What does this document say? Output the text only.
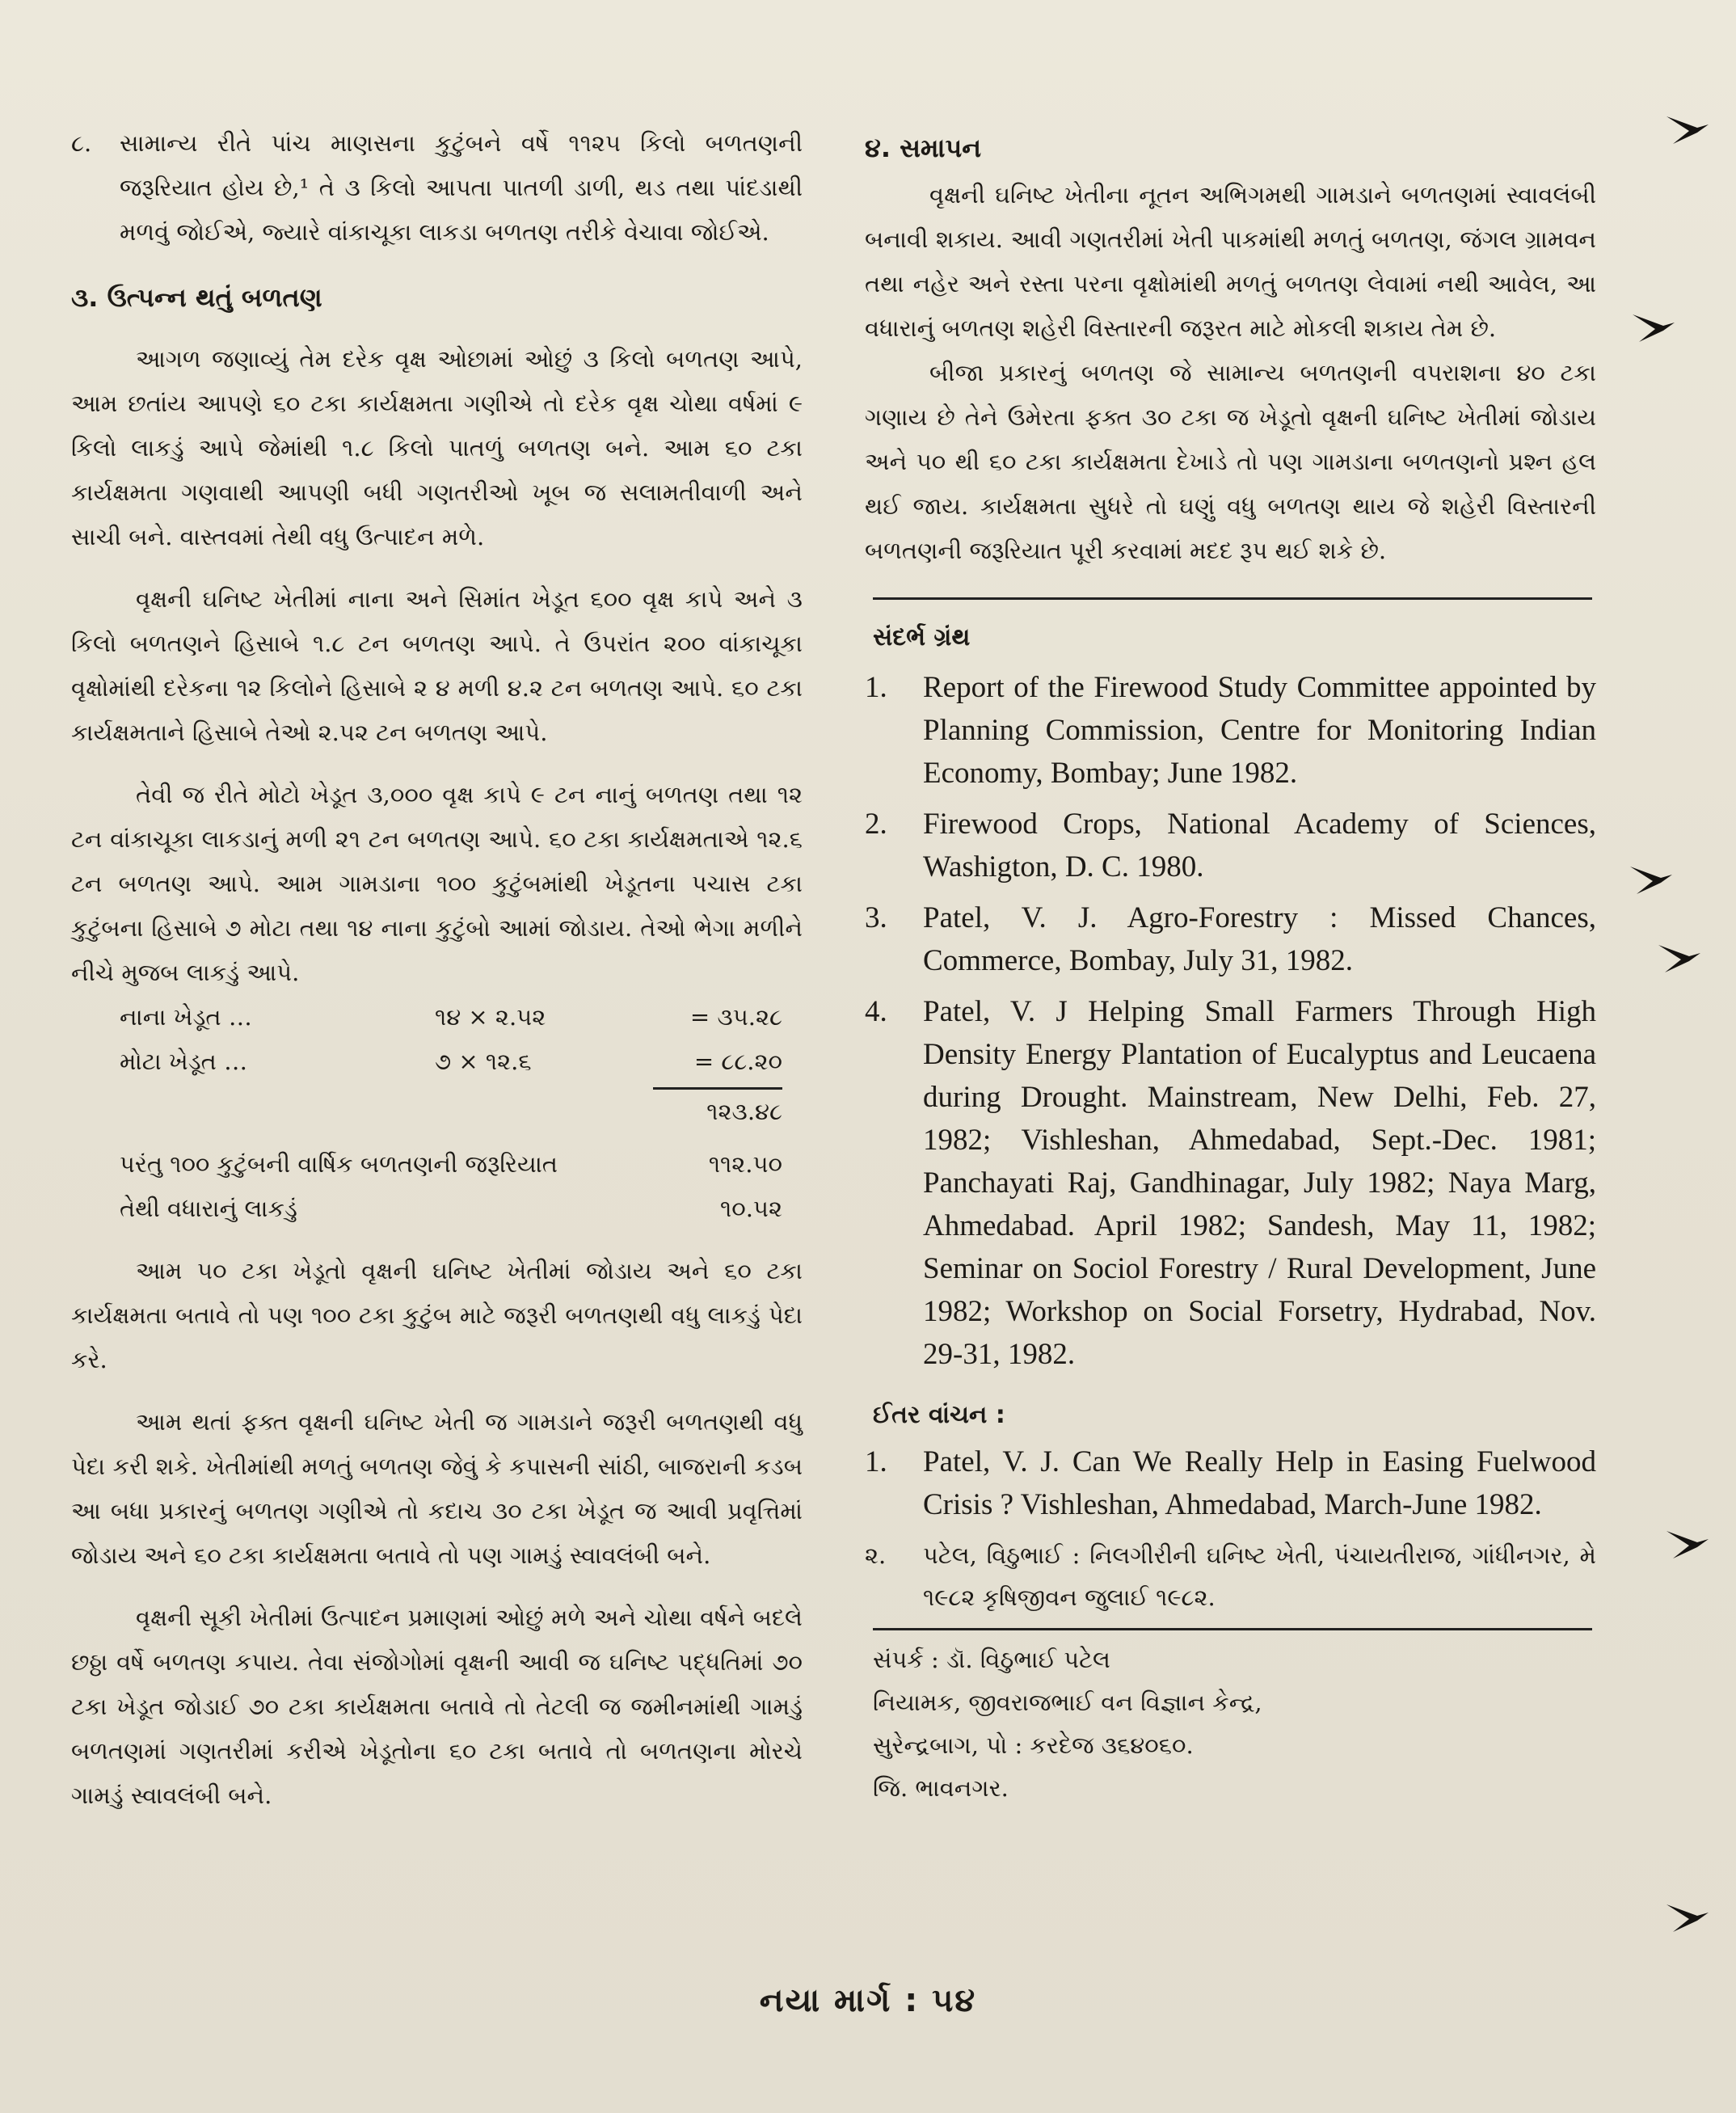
૮. સામાન્ય રીતે પાંચ માણસના કુટુંબને વર્ષે ૧૧૨૫ કિલો બળતણની જરૂરિયાત હોય છે,¹ તે ૩ કિલો આપતા પાતળી ડાળી, થડ તથા પાંદડાથી મળવું જોઈએ, જ્યારે વાંકાચૂકા લાકડા બળતણ તરીકે વેચાવા જોઈએ.

૩. ઉત્પન્ન થતું બળતણ

આગળ જણાવ્યું તેમ દરેક વૃક્ષ ઓછામાં ઓછું ૩ કિલો બળતણ આપે, આમ છતાંય આપણે ૬૦ ટકા કાર્યક્ષમતા ગણીએ તો દરેક વૃક્ષ ચોથા વર્ષમાં ૯ કિલો લાકડું આપે જેમાંથી ૧.૮ કિલો પાતળું બળતણ બને. આમ ૬૦ ટકા કાર્યક્ષમતા ગણવાથી આપણી બધી ગણતરીઓ ખૂબ જ સલામતીવાળી અને સાચી બને. વાસ્તવમાં તેથી વધુ ઉત્પાદન મળે.

વૃક્ષની ઘનિષ્ટ ખેતીમાં નાના અને સિમાંત ખેડૂત ૬૦૦ વૃક્ષ કાપે અને ૩ કિલો બળતણને હિસાબે ૧.૮ ટન બળતણ આપે. તે ઉપરાંત ૨૦૦ વાંકાચૂકા વૃક્ષોમાંથી દરેકના ૧૨ કિલોને હિસાબે ૨ ૪ મળી ૪.૨ ટન બળતણ આપે. ૬૦ ટકા કાર્યક્ષમતાને હિસાબે તેઓ ૨.૫૨ ટન બળતણ આપે.

તેવી જ રીતે મોટો ખેડૂત ૩,૦૦૦ વૃક્ષ કાપે ૯ ટન નાનું બળતણ તથા ૧૨ ટન વાંકાચૂકા લાકડાનું મળી ૨૧ ટન બળતણ આપે. ૬૦ ટકા કાર્યક્ષમતાએ ૧૨.૬ ટન બળતણ આપે. આમ ગામડાના ૧૦૦ કુટુંબમાંથી ખેડૂતના પચાસ ટકા કુટુંબના હિસાબે ૭ મોટા તથા ૧૪ નાના કુટુંબો આમાં જોડાય. તેઓ ભેગા મળીને નીચે મુજબ લાકડું આપે.

નાના ખેડૂત …	૧૪ × ૨.૫૨	= ૩૫.૨૮
મોટા ખેડૂત …	૭ × ૧૨.૬	= ૮૮.૨૦
૧૨૩.૪૮
પરંતુ ૧૦૦ કુટુંબની વાર્ષિક બળતણની જરૂરિયાત	૧૧૨.૫૦
તેથી વધારાનું લાકડું	૧૦.૫૨

આમ ૫૦ ટકા ખેડૂતો વૃક્ષની ઘનિષ્ટ ખેતીમાં જોડાય અને ૬૦ ટકા કાર્યક્ષમતા બતાવે તો પણ ૧૦૦ ટકા કુટુંબ માટે જરૂરી બળતણથી વધુ લાકડું પેદા કરે.

આમ થતાં ફક્ત વૃક્ષની ઘનિષ્ટ ખેતી જ ગામડાને જરૂરી બળતણથી વધુ પેદા કરી શકે. ખેતીમાંથી મળતું બળતણ જેવું કે કપાસની સાંઠી, બાજરાની કડબ આ બધા પ્રકારનું બળતણ ગણીએ તો કદાચ ૩૦ ટકા ખેડૂત જ આવી પ્રવૃત્તિમાં જોડાય અને ૬૦ ટકા કાર્યક્ષમતા બતાવે તો પણ ગામડું સ્વાવલંબી બને.

વૃક્ષની સૂકી ખેતીમાં ઉત્પાદન પ્રમાણમાં ઓછું મળે અને ચોથા વર્ષને બદલે છઠ્ઠા વર્ષે બળતણ કપાય. તેવા સંજોગોમાં વૃક્ષની આવી જ ઘનિષ્ટ પદ્ધતિમાં ૭૦ ટકા ખેડૂત જોડાઈ ૭૦ ટકા કાર્યક્ષમતા બતાવે તો તેટલી જ જમીનમાંથી ગામડું બળતણમાં ગણતરીમાં કરીએ ખેડૂતોના ૬૦ ટકા બતાવે તો બળતણના મોરચે ગામડું સ્વાવલંબી બને.

૪. સમાપન

વૃક્ષની ઘનિષ્ટ ખેતીના નૂતન અભિગમથી ગામડાને બળતણમાં સ્વાવલંબી બનાવી શકાય. આવી ગણતરીમાં ખેતી પાકમાંથી મળતું બળતણ, જંગલ ગ્રામવન તથા નહેર અને રસ્તા પરના વૃક્ષોમાંથી મળતું બળતણ લેવામાં નથી આવેલ, આ વધારાનું બળતણ શહેરી વિસ્તારની જરૂરત માટે મોકલી શકાય તેમ છે.

બીજા પ્રકારનું બળતણ જે સામાન્ય બળતણની વપરાશના ૪૦ ટકા ગણાય છે તેને ઉમેરતા ફક્ત ૩૦ ટકા જ ખેડૂતો વૃક્ષની ઘનિષ્ટ ખેતીમાં જોડાય અને ૫૦ થી ૬૦ ટકા કાર્યક્ષમતા દેખાડે તો પણ ગામડાના બળતણનો પ્રશ્ન હલ થઈ જાય. કાર્યક્ષમતા સુધરે તો ઘણું વધુ બળતણ થાય જે શહેરી વિસ્તારની બળતણની જરૂરિયાત પૂરી કરવામાં મદદ રૂપ થઈ શકે છે.

સંદર્ભ ગ્રંથ
1. Report of the Firewood Study Committee appointed by Planning Commission, Centre for Monitoring Indian Economy, Bombay; June 1982.

2. Firewood Crops, National Academy of Sciences, Washigton, D. C. 1980.

3. Patel, V. J. Agro-Forestry : Missed Chances, Commerce, Bombay, July 31, 1982.

4. Patel, V. J Helping Small Farmers Through High Density Energy Plantation of Eucalyptus and Leucaena during Drought. Mainstream, New Delhi, Feb. 27, 1982; Vishleshan, Ahmedabad, Sept.-Dec. 1981; Panchayati Raj, Gandhinagar, July 1982; Naya Marg, Ahmedabad. April 1982; Sandesh, May 11, 1982; Seminar on Sociol Forestry / Rural Development, June 1982; Workshop on Social Forsetry, Hydrabad, Nov. 29-31, 1982.

ઈતર વાંચન :
1. Patel, V. J. Can We Really Help in Easing Fuelwood Crisis ? Vishleshan, Ahmedabad, March-June 1982.

૨. પટેલ, વિઠુભાઈ : નિલગીરીની ઘનિષ્ટ ખેતી, પંચાયતીરાજ, ગાંધીનગર, મે ૧૯૮૨ કૃષિજીવન જુલાઈ ૧૯૮૨.

સંપર્ક : ડૉ. વિઠુભાઈ પટેલ
નિયામક, જીવરાજભાઈ વન વિજ્ઞાન કેન્દ્ર,
સુરેન્દ્રબાગ, પો : કરદેજ ૩૬૪૦૬૦.
જિ. ભાવનગર.
નયા માર્ગ : ૫૪
